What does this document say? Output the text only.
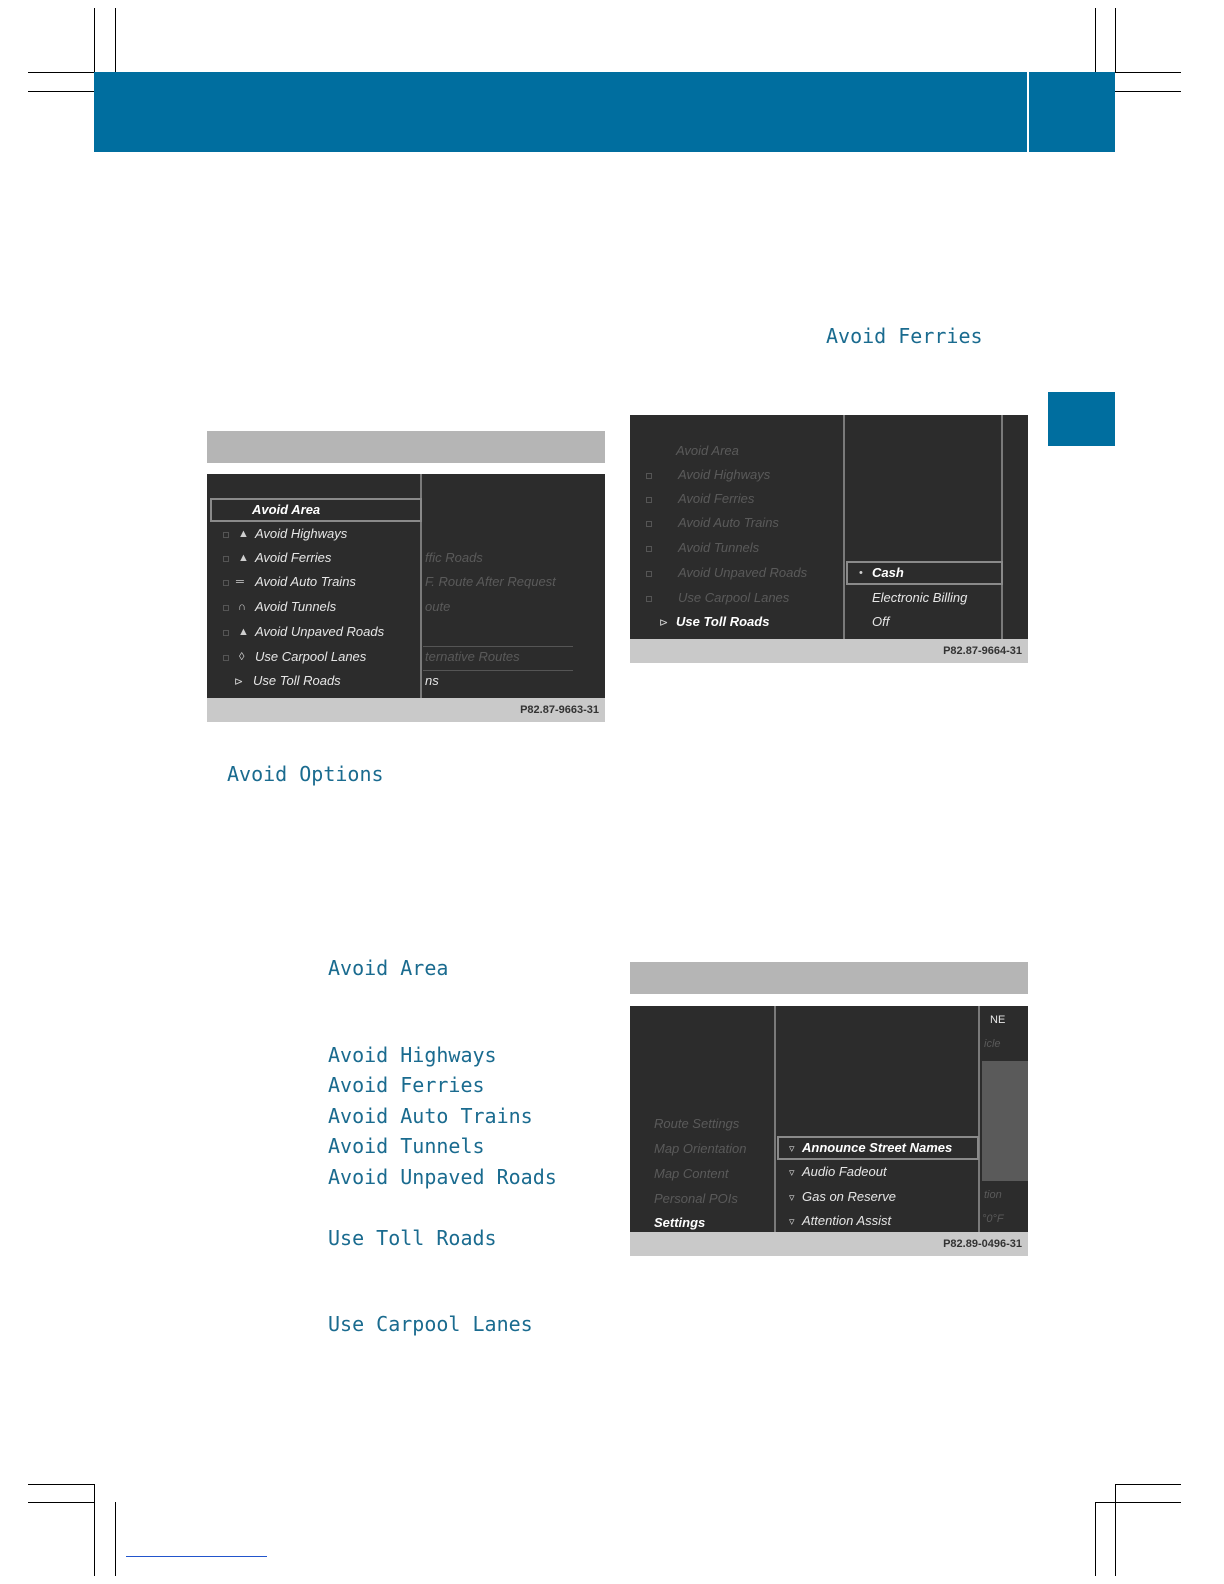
Avoid Ferries
Avoid Options
Avoid Area
Avoid Highways
Avoid Ferries
Avoid Auto Trains
Avoid Tunnels
Avoid Unpaved Roads
Use Toll Roads
Use Carpool Lanes
Avoid Area
▲ Avoid Highways
▲ Avoid Ferries
═ Avoid Auto Trains
∩ Avoid Tunnels
▲ Avoid Unpaved Roads
◊ Use Carpool Lanes
⊳ Use Toll Roads
ffic Roads
F. Route After Request
oute
ternative Routes
ns
P82.87-9663-31
Avoid Area
Avoid Highways
Avoid Ferries
Avoid Auto Trains
Avoid Tunnels
Avoid Unpaved Roads
Use Carpool Lanes
⊳ Use Toll Roads
• Cash
Electronic Billing
Off
P82.87-9664-31
Route Settings
Map Orientation
Map Content
Personal POIs
Settings
▿ Announce Street Names
▿ Audio Fadeout
▿ Gas on Reserve
▿ Attention Assist
NE
icle
tion
°0°F
P82.89-0496-31
